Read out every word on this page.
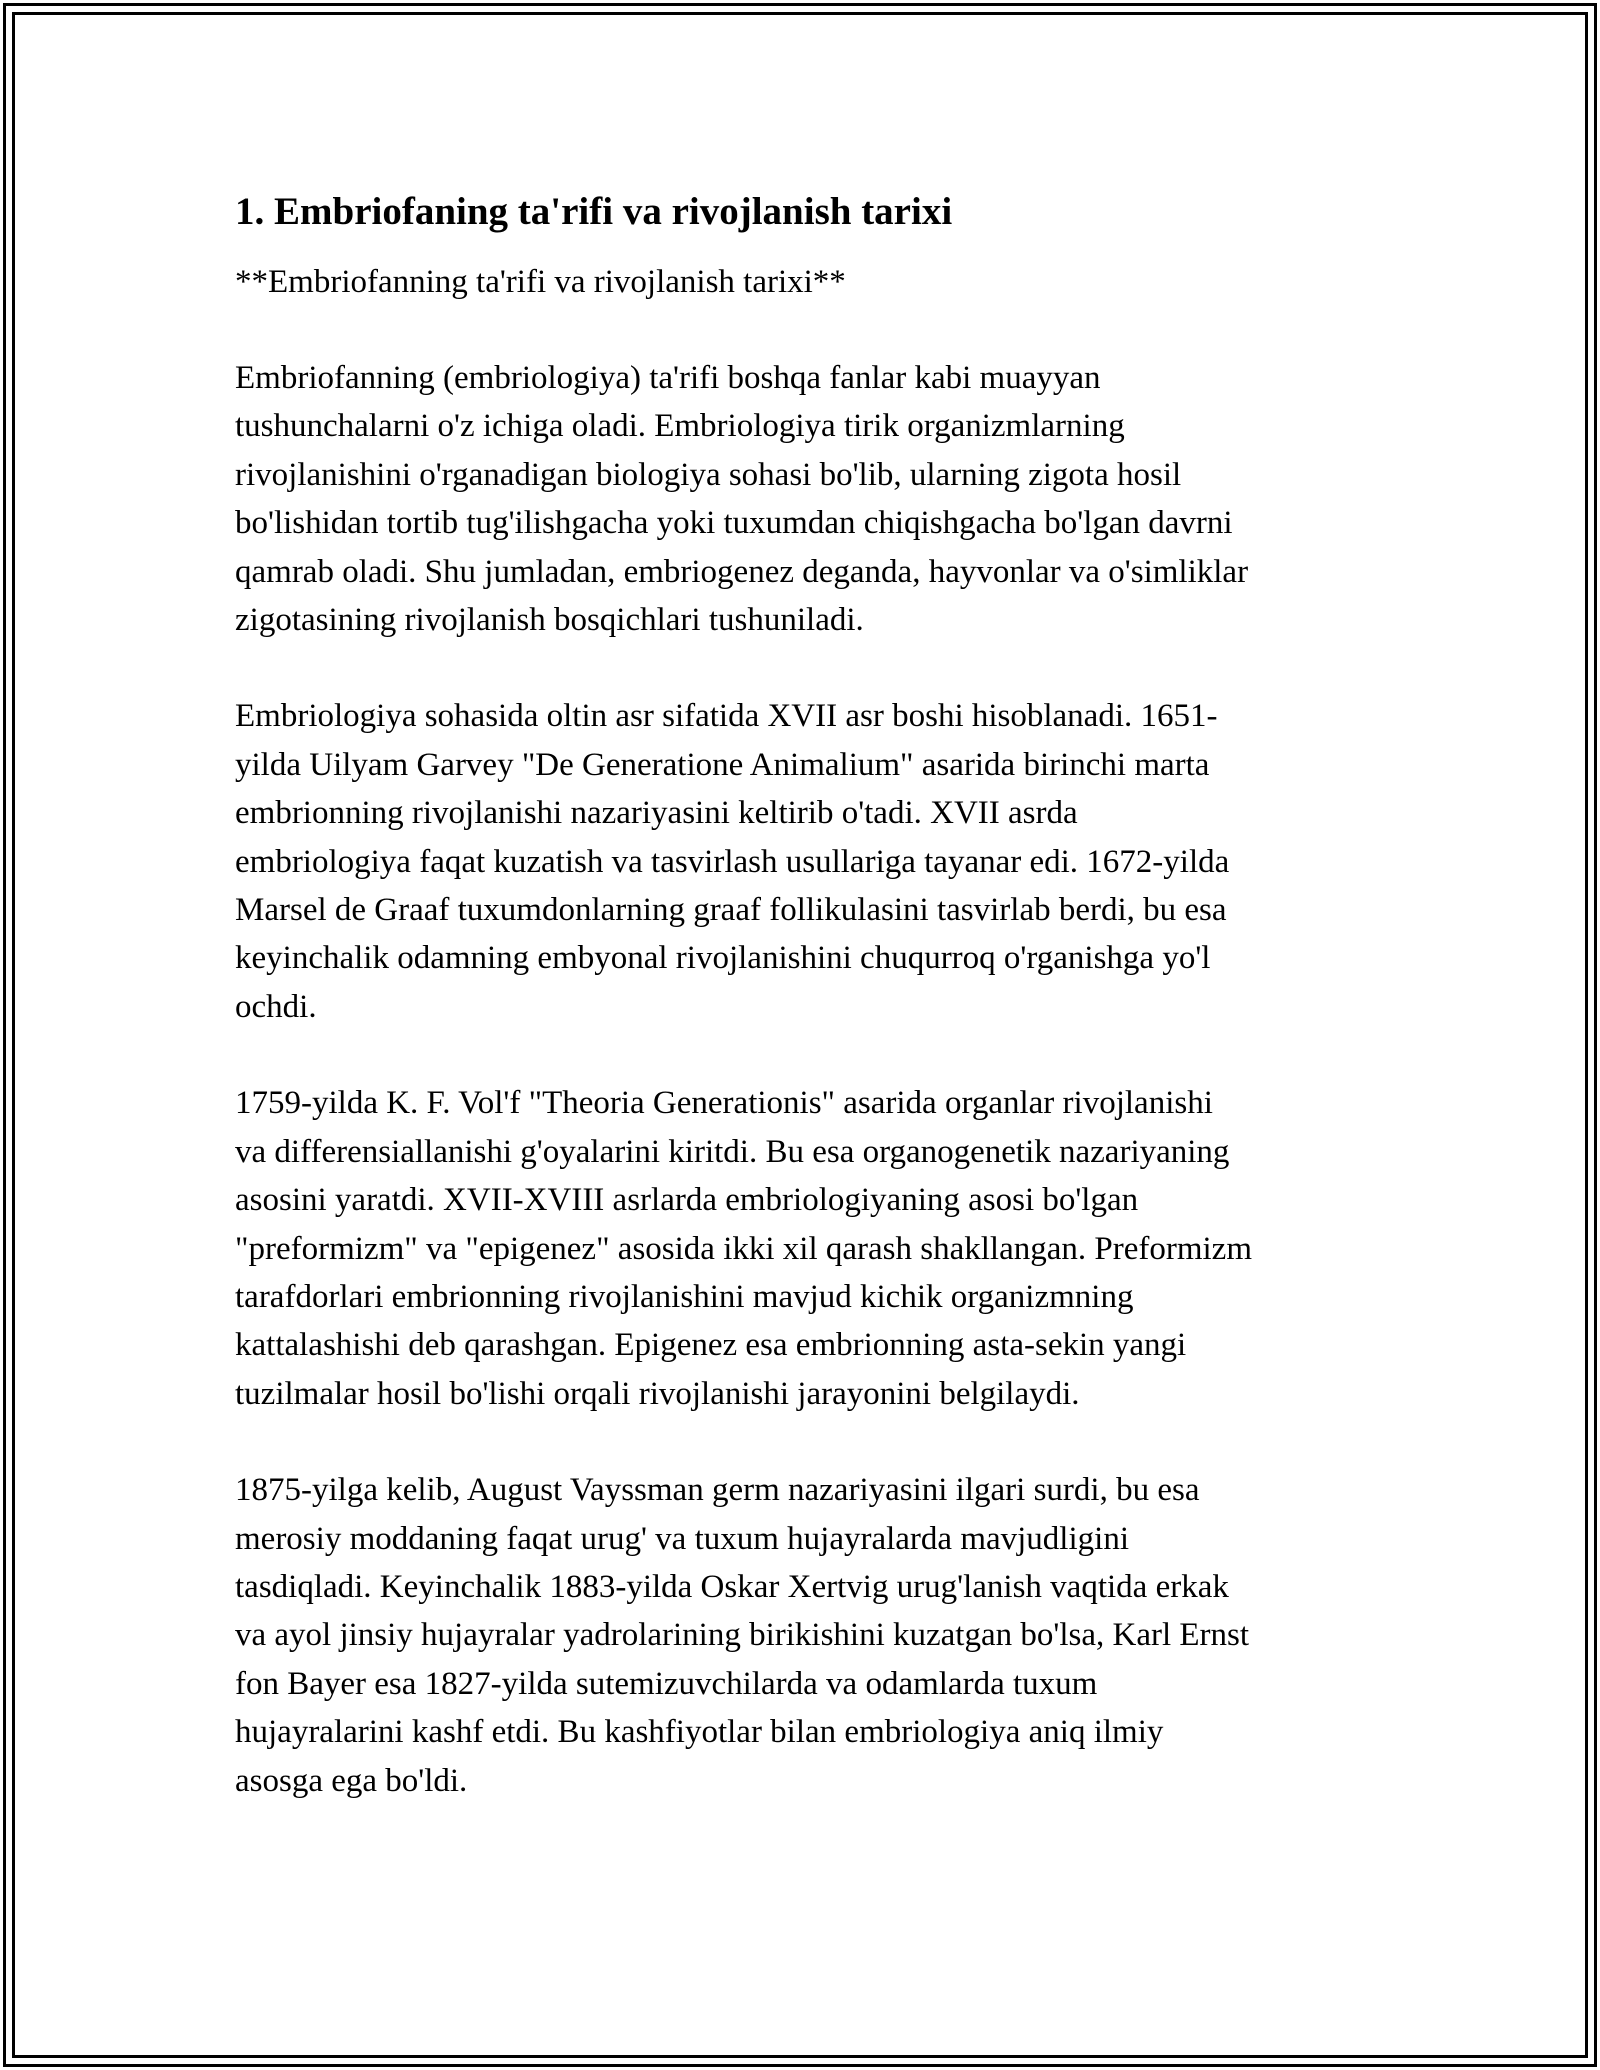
1. Embriofaning ta'rifi va rivojlanish tarixi
**Embriofanning ta'rifi va rivojlanish tarixi**

Embriofanning (embriologiya) ta'rifi boshqa fanlar kabi muayyan
tushunchalarni o'z ichiga oladi. Embriologiya tirik organizmlarning
rivojlanishini o'rganadigan biologiya sohasi bo'lib, ularning zigota hosil
bo'lishidan tortib tug'ilishgacha yoki tuxumdan chiqishgacha bo'lgan davrni
qamrab oladi. Shu jumladan, embriogenez deganda, hayvonlar va o'simliklar
zigotasining rivojlanish bosqichlari tushuniladi.

Embriologiya sohasida oltin asr sifatida XVII asr boshi hisoblanadi. 1651-
yilda Uilyam Garvey "De Generatione Animalium" asarida birinchi marta
embrionning rivojlanishi nazariyasini keltirib o'tadi. XVII asrda
embriologiya faqat kuzatish va tasvirlash usullariga tayanar edi. 1672-yilda
Marsel de Graaf tuxumdonlarning graaf follikulasini tasvirlab berdi, bu esa
keyinchalik odamning embyonal rivojlanishini chuqurroq o'rganishga yo'l
ochdi.

1759-yilda K. F. Vol'f "Theoria Generationis" asarida organlar rivojlanishi
va differensiallanishi g'oyalarini kiritdi. Bu esa organogenetik nazariyaning
asosini yaratdi. XVII-XVIII asrlarda embriologiyaning asosi bo'lgan
"preformizm" va "epigenez" asosida ikki xil qarash shakllangan. Preformizm
tarafdorlari embrionning rivojlanishini mavjud kichik organizmning
kattalashishi deb qarashgan. Epigenez esa embrionning asta-sekin yangi
tuzilmalar hosil bo'lishi orqali rivojlanishi jarayonini belgilaydi.

1875-yilga kelib, August Vayssman germ nazariyasini ilgari surdi, bu esa
merosiy moddaning faqat urug' va tuxum hujayralarda mavjudligini
tasdiqladi. Keyinchalik 1883-yilda Oskar Xertvig urug'lanish vaqtida erkak
va ayol jinsiy hujayralar yadrolarining birikishini kuzatgan bo'lsa, Karl Ernst
fon Bayer esa 1827-yilda sutemizuvchilarda va odamlarda tuxum
hujayralarini kashf etdi. Bu kashfiyotlar bilan embriologiya aniq ilmiy
asosga ega bo'ldi.
